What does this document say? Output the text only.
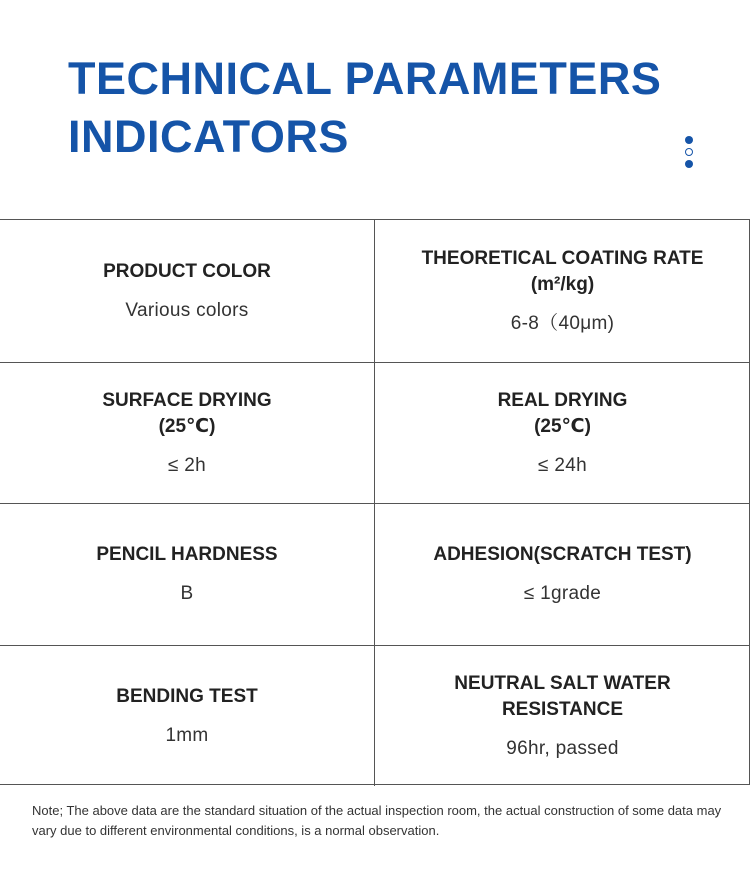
TECHNICAL PARAMETERS
INDICATORS
PRODUCT COLOR
Various colors
THEORETICAL COATING RATE
(m²/kg)
6-8（40μm)
SURFACE DRYING
(25℃)
≤ 2h
REAL DRYING
(25℃)
≤ 24h
PENCIL HARDNESS
B
ADHESION(SCRATCH TEST)
≤ 1grade
BENDING TEST
1mm
NEUTRAL SALT WATER
RESISTANCE
96hr, passed

Note; The above data are the standard situation of the actual inspection room, the actual construction of some data may vary due to different environmental conditions, is a normal observation.
